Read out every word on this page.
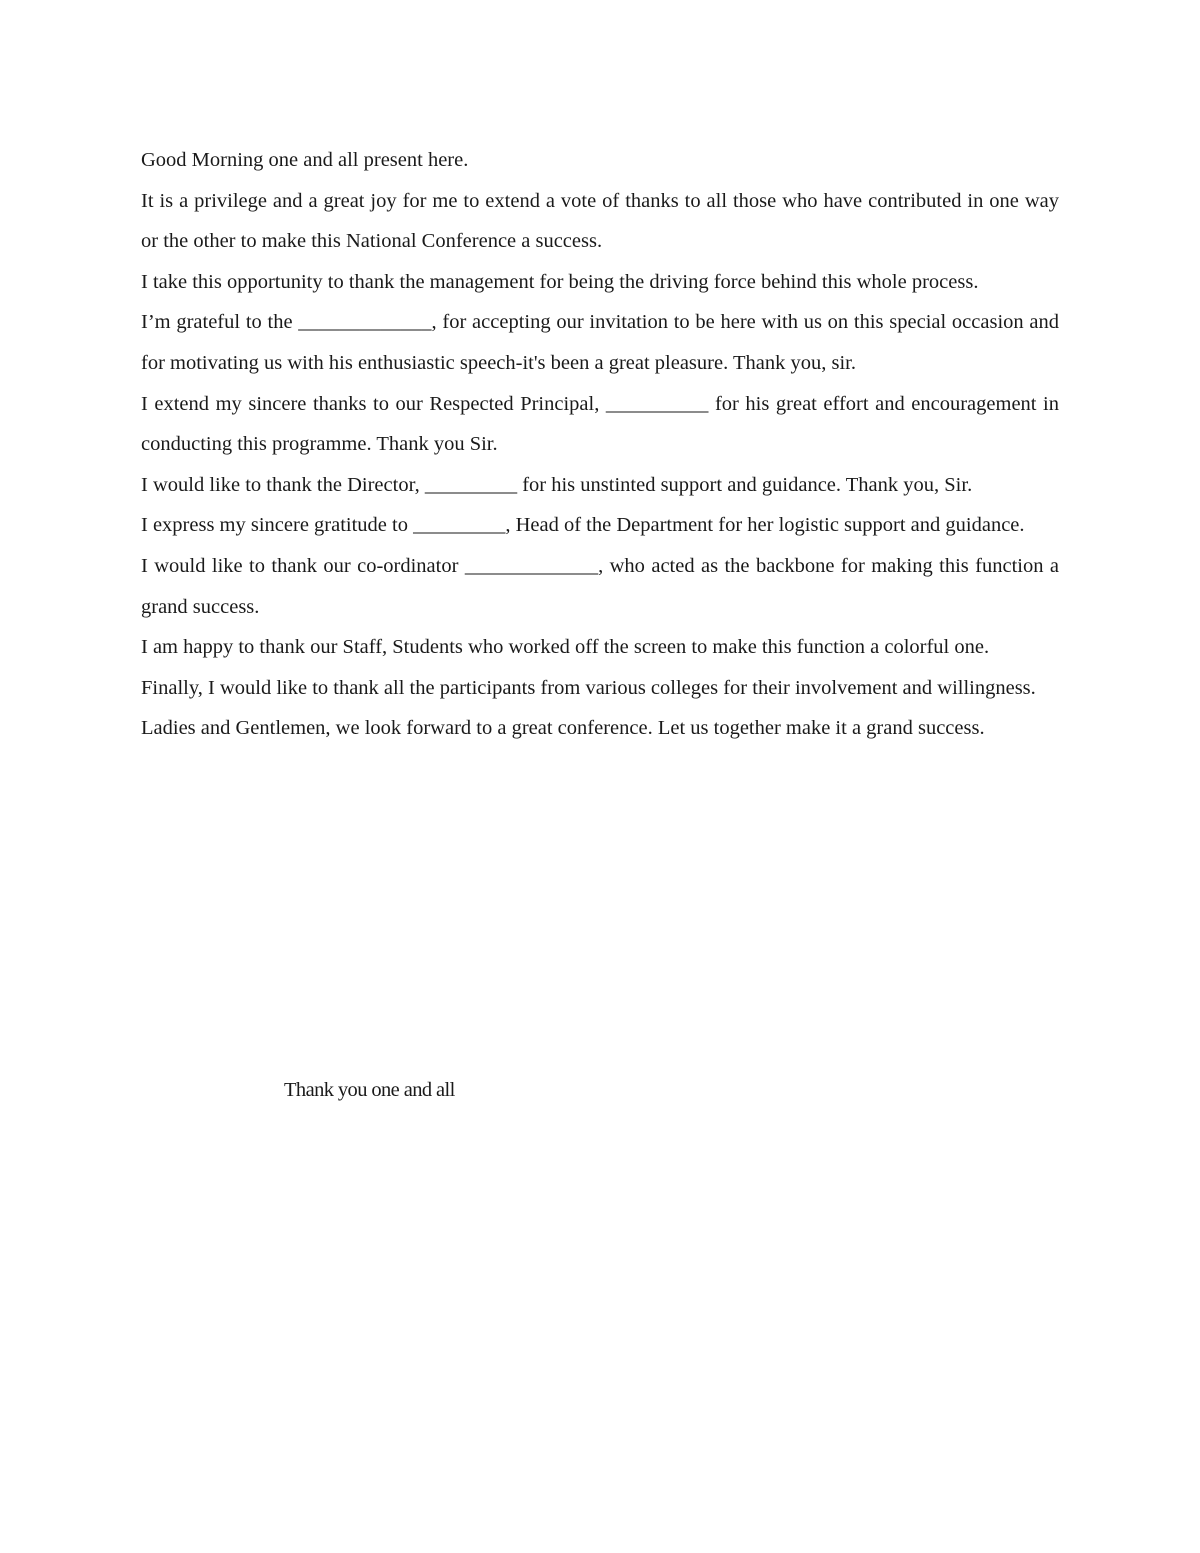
Good Morning one and all present here.

It is a privilege and a great joy for me to extend a vote of thanks to all those who have contributed in one way or the other to make this National Conference a success.

I take this opportunity to thank the management for being the driving force behind this whole process.

I’m grateful to the _____________, for accepting our invitation to be here with us on this special occasion and for motivating us with his enthusiastic speech-it's been a great pleasure. Thank you, sir.

I extend my sincere thanks to our Respected Principal, __________ for his great effort and encouragement in conducting this programme. Thank you Sir.

I would like to thank the Director, _________ for his unstinted support and guidance. Thank you, Sir.

I express my sincere gratitude to _________, Head of the Department for her logistic support and guidance.

I would like to thank our co-ordinator _____________, who acted as the backbone for making this function a grand success.

I am happy to thank our Staff, Students who worked off the screen to make this function a colorful one.

Finally, I would like to thank all the participants from various colleges for their involvement and willingness.

Ladies and Gentlemen, we look forward to a great conference. Let us together make it a grand success.

Thank you one and all
